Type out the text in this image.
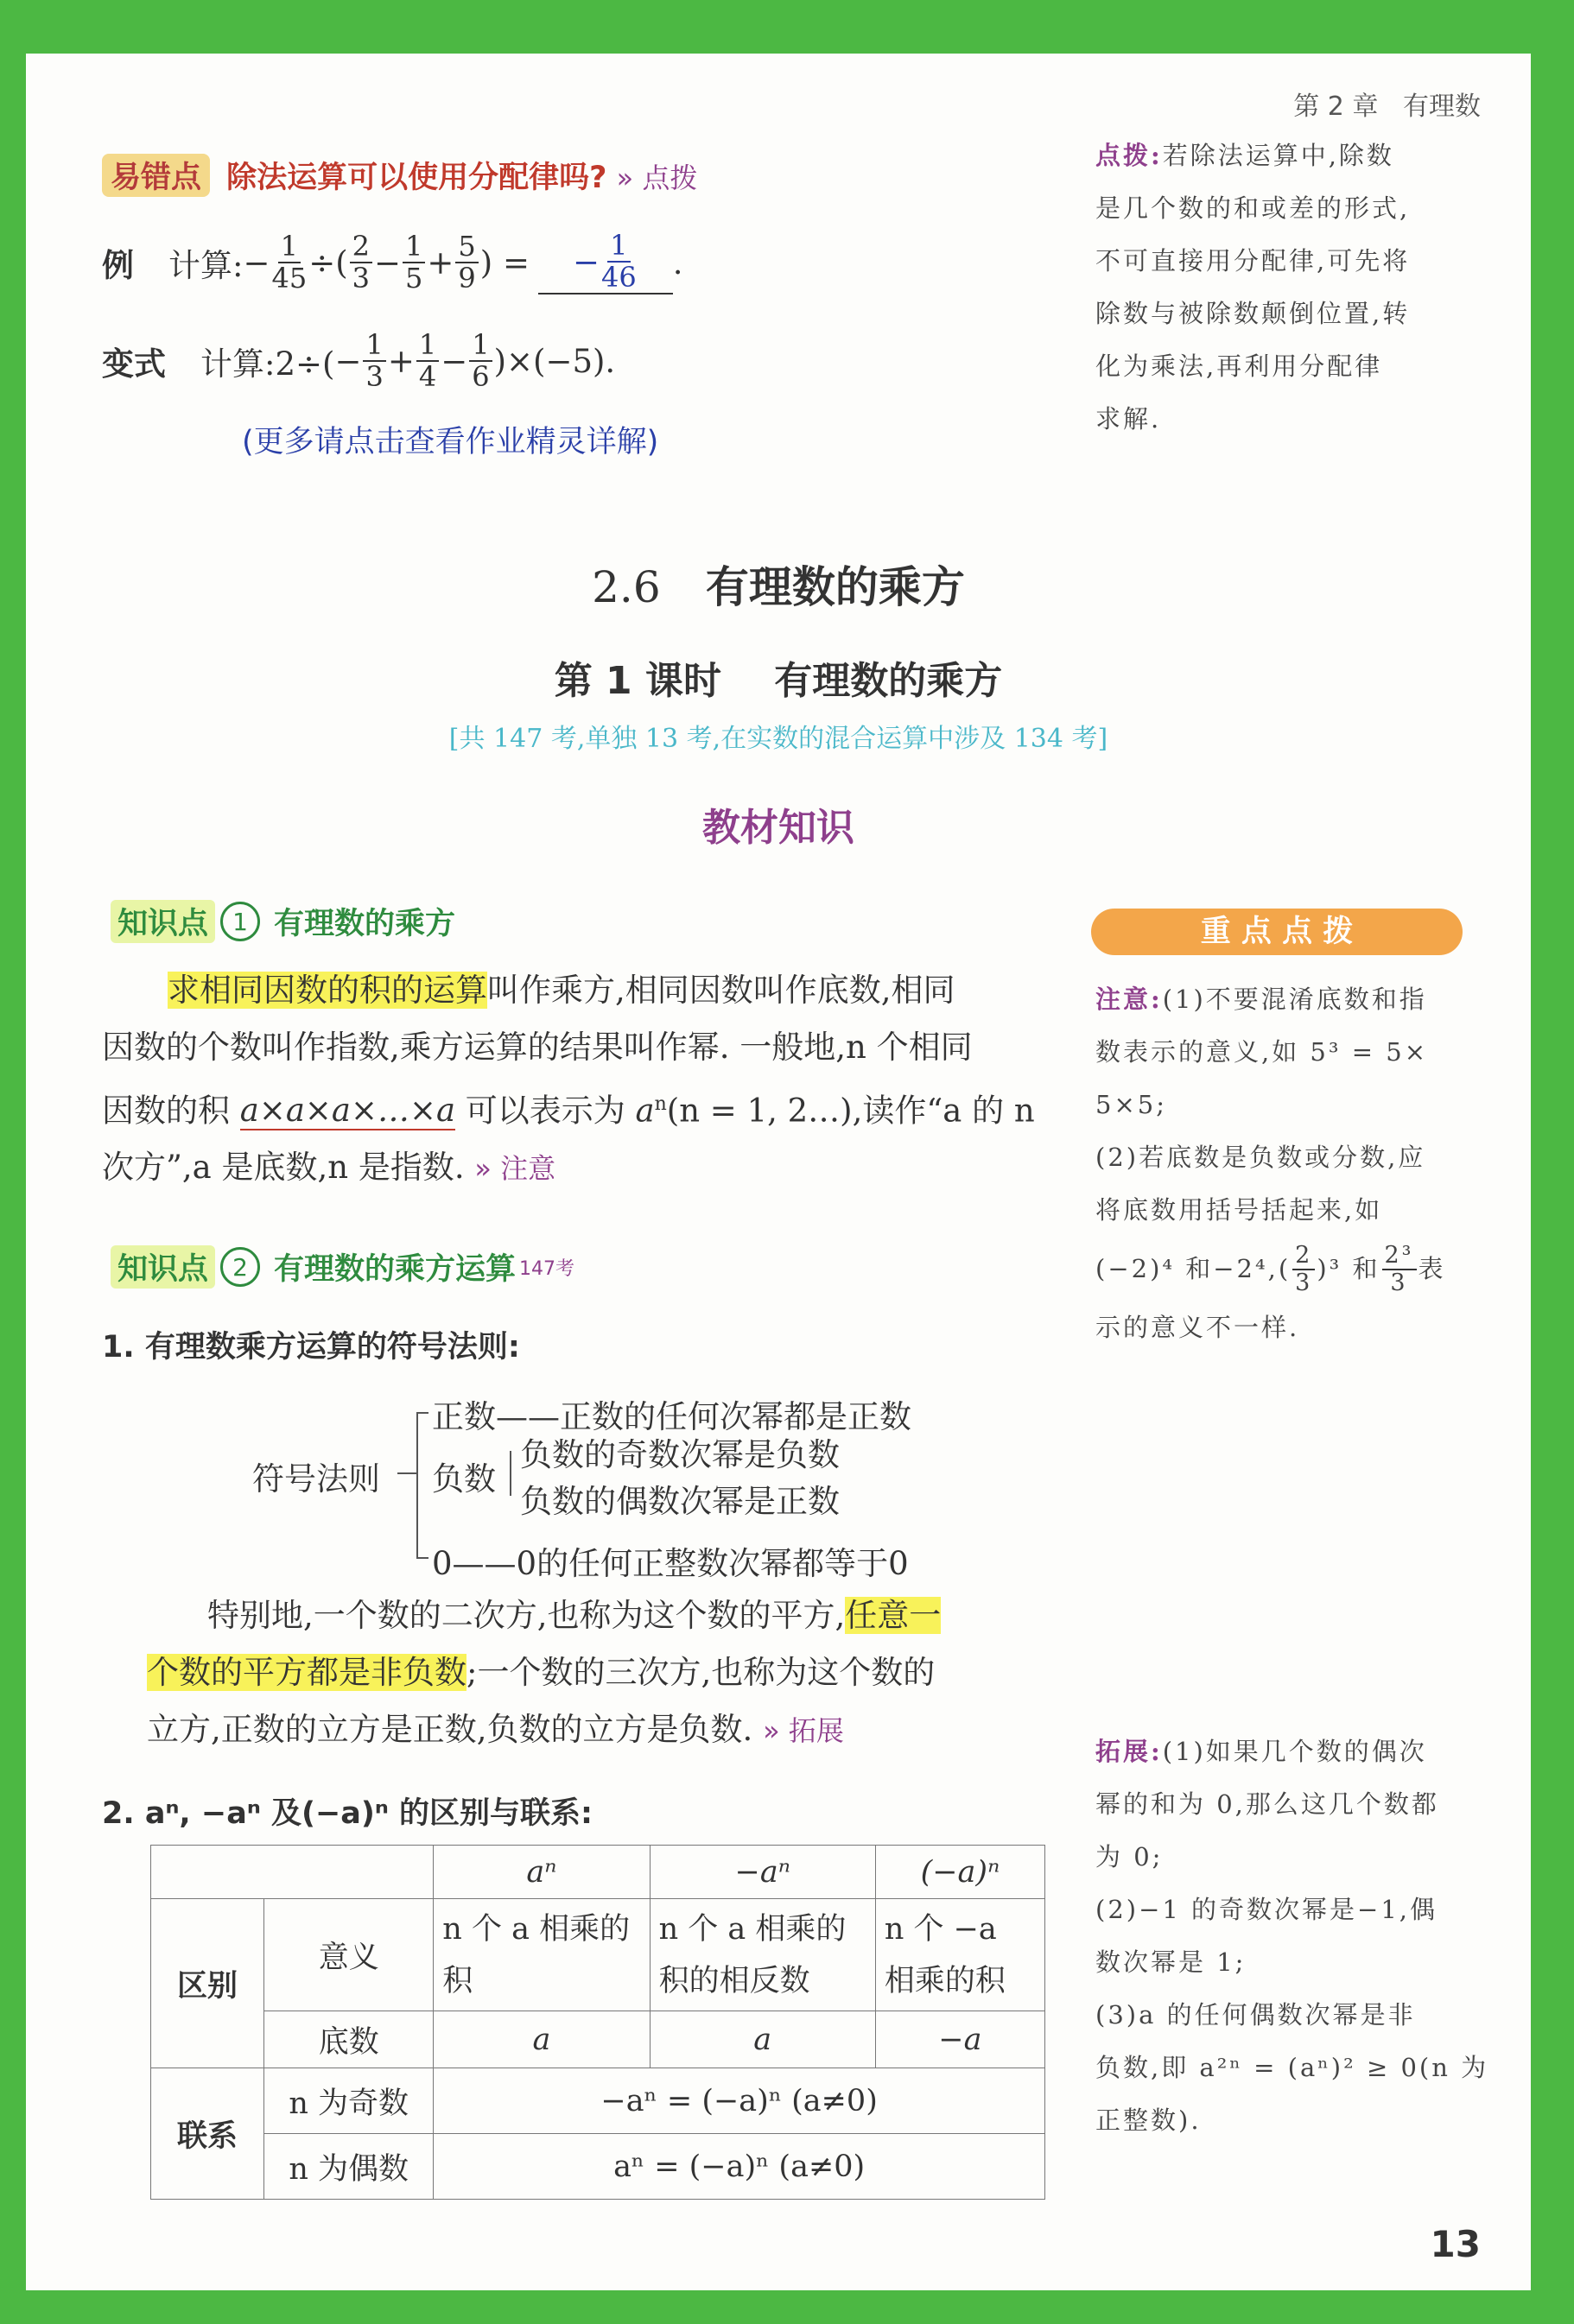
第 2 章 有理数
易错点 除法运算可以使用分配律吗? » 点拨
例 计算: − $\frac{1}{45}$ ÷( $\frac{2}{3} - \frac{1}{5} + \frac{5}{9}$ ) = − $\frac{1}{46}$ .
变式 计算:2÷( − $\frac{1}{3} + \frac{1}{4} - \frac{1}{6} )\times(-5)$.
(更多请点击查看作业精灵详解)
点拨:若除法运算中,除数
是几个数的和或差的形式,
不可直接用分配律,可先将
除数与被除数颠倒位置,转
化为乘法,再利用分配律
求解.
2.6 有理数的乘方
第 1 课时 有理数的乘方
[共 147 考,单独 13 考,在实数的混合运算中涉及 134 考]
教材知识
知识点	1 有理数的乘方
求相同因数的积的运算叫作乘方,相同因数叫作底数,相同
因数的个数叫作指数,乘方运算的结果叫作幂. 一般地,n 个相同
因数的积 a×a×a×…×a 可以表示为 $a^n(n = 1$, 2…),读作“a 的 n
次方”,a 是底数,n 是指数. » 注意
重 点 点 拨
注意:(1)不要混淆底数和指
数表示的意义,如 5³ = 5×
5×5;
(2)若底数是负数或分数,应
将底数用括号括起来,如
(−2)⁴ 和$-2^4,( \frac{2}{3} )^3$ 和 $\frac{\text{2³}}{3}$ 表
示的意义不一样.
知识点	2 有理数的乘方运算 147考
1. 有理数乘方运算的符号法则:
符号法则
正数——正数的任何次幂都是正数
负数
负数的奇数次幂是负数
负数的偶数次幂是正数
0——0的任何正整数次幂都等于0
特别地,一个数的二次方,也称为这个数的平方,任意一
个数的平方都是非负数;一个数的三次方,也称为这个数的
立方,正数的立方是正数,负数的立方是负数. » 拓展
拓展:(1)如果几个数的偶次
幂的和为 0,那么这几个数都
为 0;
(2)−1 的奇数次幂是−1,偶
数次幂是 1;
(3)a 的任何偶数次幂是非
负数,即 a²ⁿ = (aⁿ)² ≥ 0(n 为
正整数).
2. aⁿ, −aⁿ 及(−a)ⁿ 的区别与联系:
		aⁿ	−aⁿ	(−a)ⁿ
区别	意义	n 个 a 相乘的积	n 个 a 相乘的积的相反数	n 个 −a 相乘的积
	底数	a	a	−a
联系	n 为奇数	−aⁿ = (−a)ⁿ (a≠0)		
	n 为偶数	aⁿ = (−a)ⁿ (a≠0)		
13
